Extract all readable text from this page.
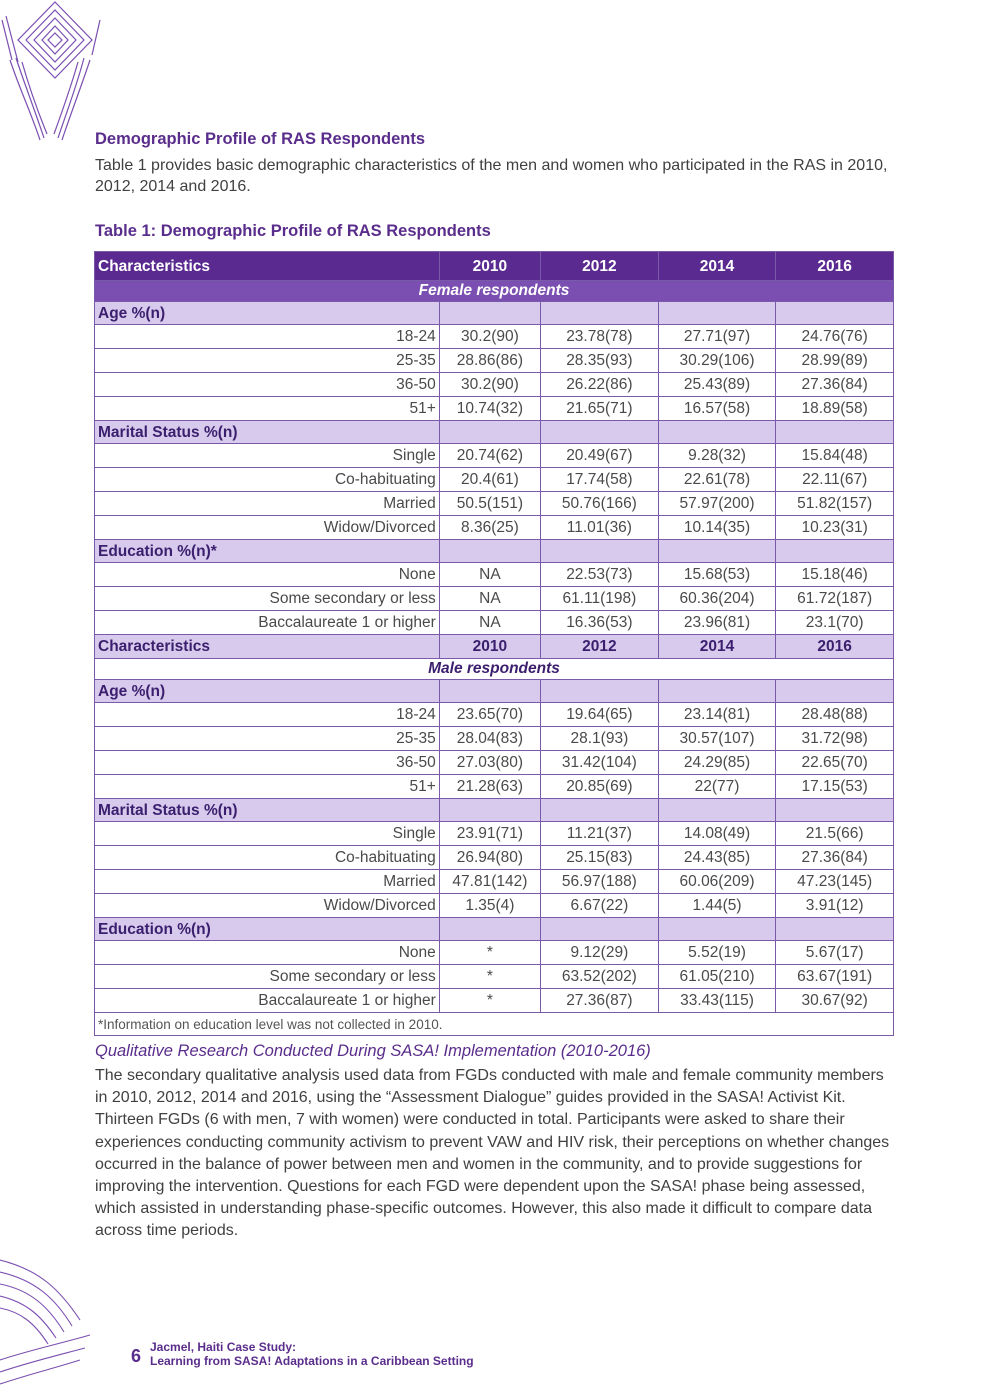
Demographic Profile of RAS Respondents
Table 1 provides basic demographic characteristics of the men and women who participated in the RAS in 2010, 2012, 2014 and 2016.
Table 1: Demographic Profile of RAS Respondents
Characteristics	2010	2012	2014	2016
Female respondents				
Age %(n)				
18-24	30.2(90)	23.78(78)	27.71(97)	24.76(76)
25-35	28.86(86)	28.35(93)	30.29(106)	28.99(89)
36-50	30.2(90)	26.22(86)	25.43(89)	27.36(84)
51+	10.74(32)	21.65(71)	16.57(58)	18.89(58)
Marital Status %(n)				
Single	20.74(62)	20.49(67)	9.28(32)	15.84(48)
Co-habituating	20.4(61)	17.74(58)	22.61(78)	22.11(67)
Married	50.5(151)	50.76(166)	57.97(200)	51.82(157)
Widow/Divorced	8.36(25)	11.01(36)	10.14(35)	10.23(31)
Education %(n)*				
None	NA	22.53(73)	15.68(53)	15.18(46)
Some secondary or less	NA	61.11(198)	60.36(204)	61.72(187)
Baccalaureate 1 or higher	NA	16.36(53)	23.96(81)	23.1(70)
Characteristics	2010	2012	2014	2016
Male respondents				
Age %(n)				
18-24	23.65(70)	19.64(65)	23.14(81)	28.48(88)
25-35	28.04(83)	28.1(93)	30.57(107)	31.72(98)
36-50	27.03(80)	31.42(104)	24.29(85)	22.65(70)
51+	21.28(63)	20.85(69)	22(77)	17.15(53)
Marital Status %(n)				
Single	23.91(71)	11.21(37)	14.08(49)	21.5(66)
Co-habituating	26.94(80)	25.15(83)	24.43(85)	27.36(84)
Married	47.81(142)	56.97(188)	60.06(209)	47.23(145)
Widow/Divorced	1.35(4)	6.67(22)	1.44(5)	3.91(12)
Education %(n)				
None	*	9.12(29)	5.52(19)	5.67(17)
Some secondary or less	*	63.52(202)	61.05(210)	63.67(191)
Baccalaureate 1 or higher	*	27.36(87)	33.43(115)	30.67(92)
*Information on education level was not collected in 2010.				
Qualitative Research Conducted During SASA! Implementation (2010-2016)
The secondary qualitative analysis used data from FGDs conducted with male and female community members in 2010, 2012, 2014 and 2016, using the “Assessment Dialogue” guides provided in the SASA! Activist Kit. Thirteen FGDs (6 with men, 7 with women) were conducted in total. Participants were asked to share their experiences conducting community activism to prevent VAW and HIV risk, their perceptions on whether changes occurred in the balance of power between men and women in the community, and to provide suggestions for improving the intervention. Questions for each FGD were dependent upon the SASA! phase being assessed, which assisted in understanding phase-specific outcomes. However, this also made it difficult to compare data across time periods.
6 Jacmel, Haiti Case Study:
Learning from SASA! Adaptations in a Caribbean Setting
